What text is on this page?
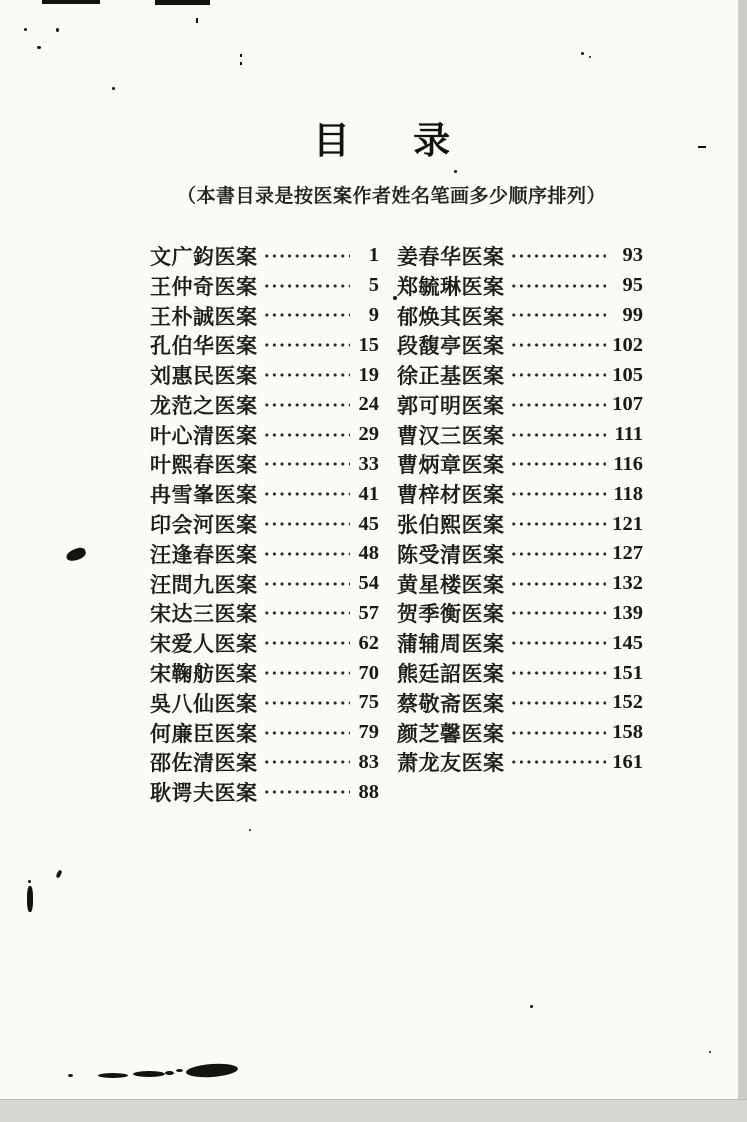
目 录
（本書目录是按医案作者姓名笔画多少顺序排列）
文广鈞医案	1
王仲奇医案	5
王朴誠医案	9
孔伯华医案	15
刘惠民医案	19
龙范之医案	24
叶心清医案	29
叶熙春医案	33
冉雪峯医案	41
印会河医案	45
汪逢春医案	48
汪問九医案	54
宋达三医案	57
宋爱人医案	62
宋鞠舫医案	70
吳八仙医案	75
何廉臣医案	79
邵佐清医案	83
耿谔夫医案	88
姜春华医案	93
郑毓琳医案	95
郁焕其医案	99
段馥亭医案	102
徐正基医案	105
郭可明医案	107
曹汉三医案	111
曹炳章医案	116
曹梓材医案	118
张伯熙医案	121
陈受清医案	127
黄星楼医案	132
贺季衡医案	139
蒲辅周医案	145
熊廷詔医案	151
蔡敬斋医案	152
颜芝馨医案	158
萧龙友医案	161
